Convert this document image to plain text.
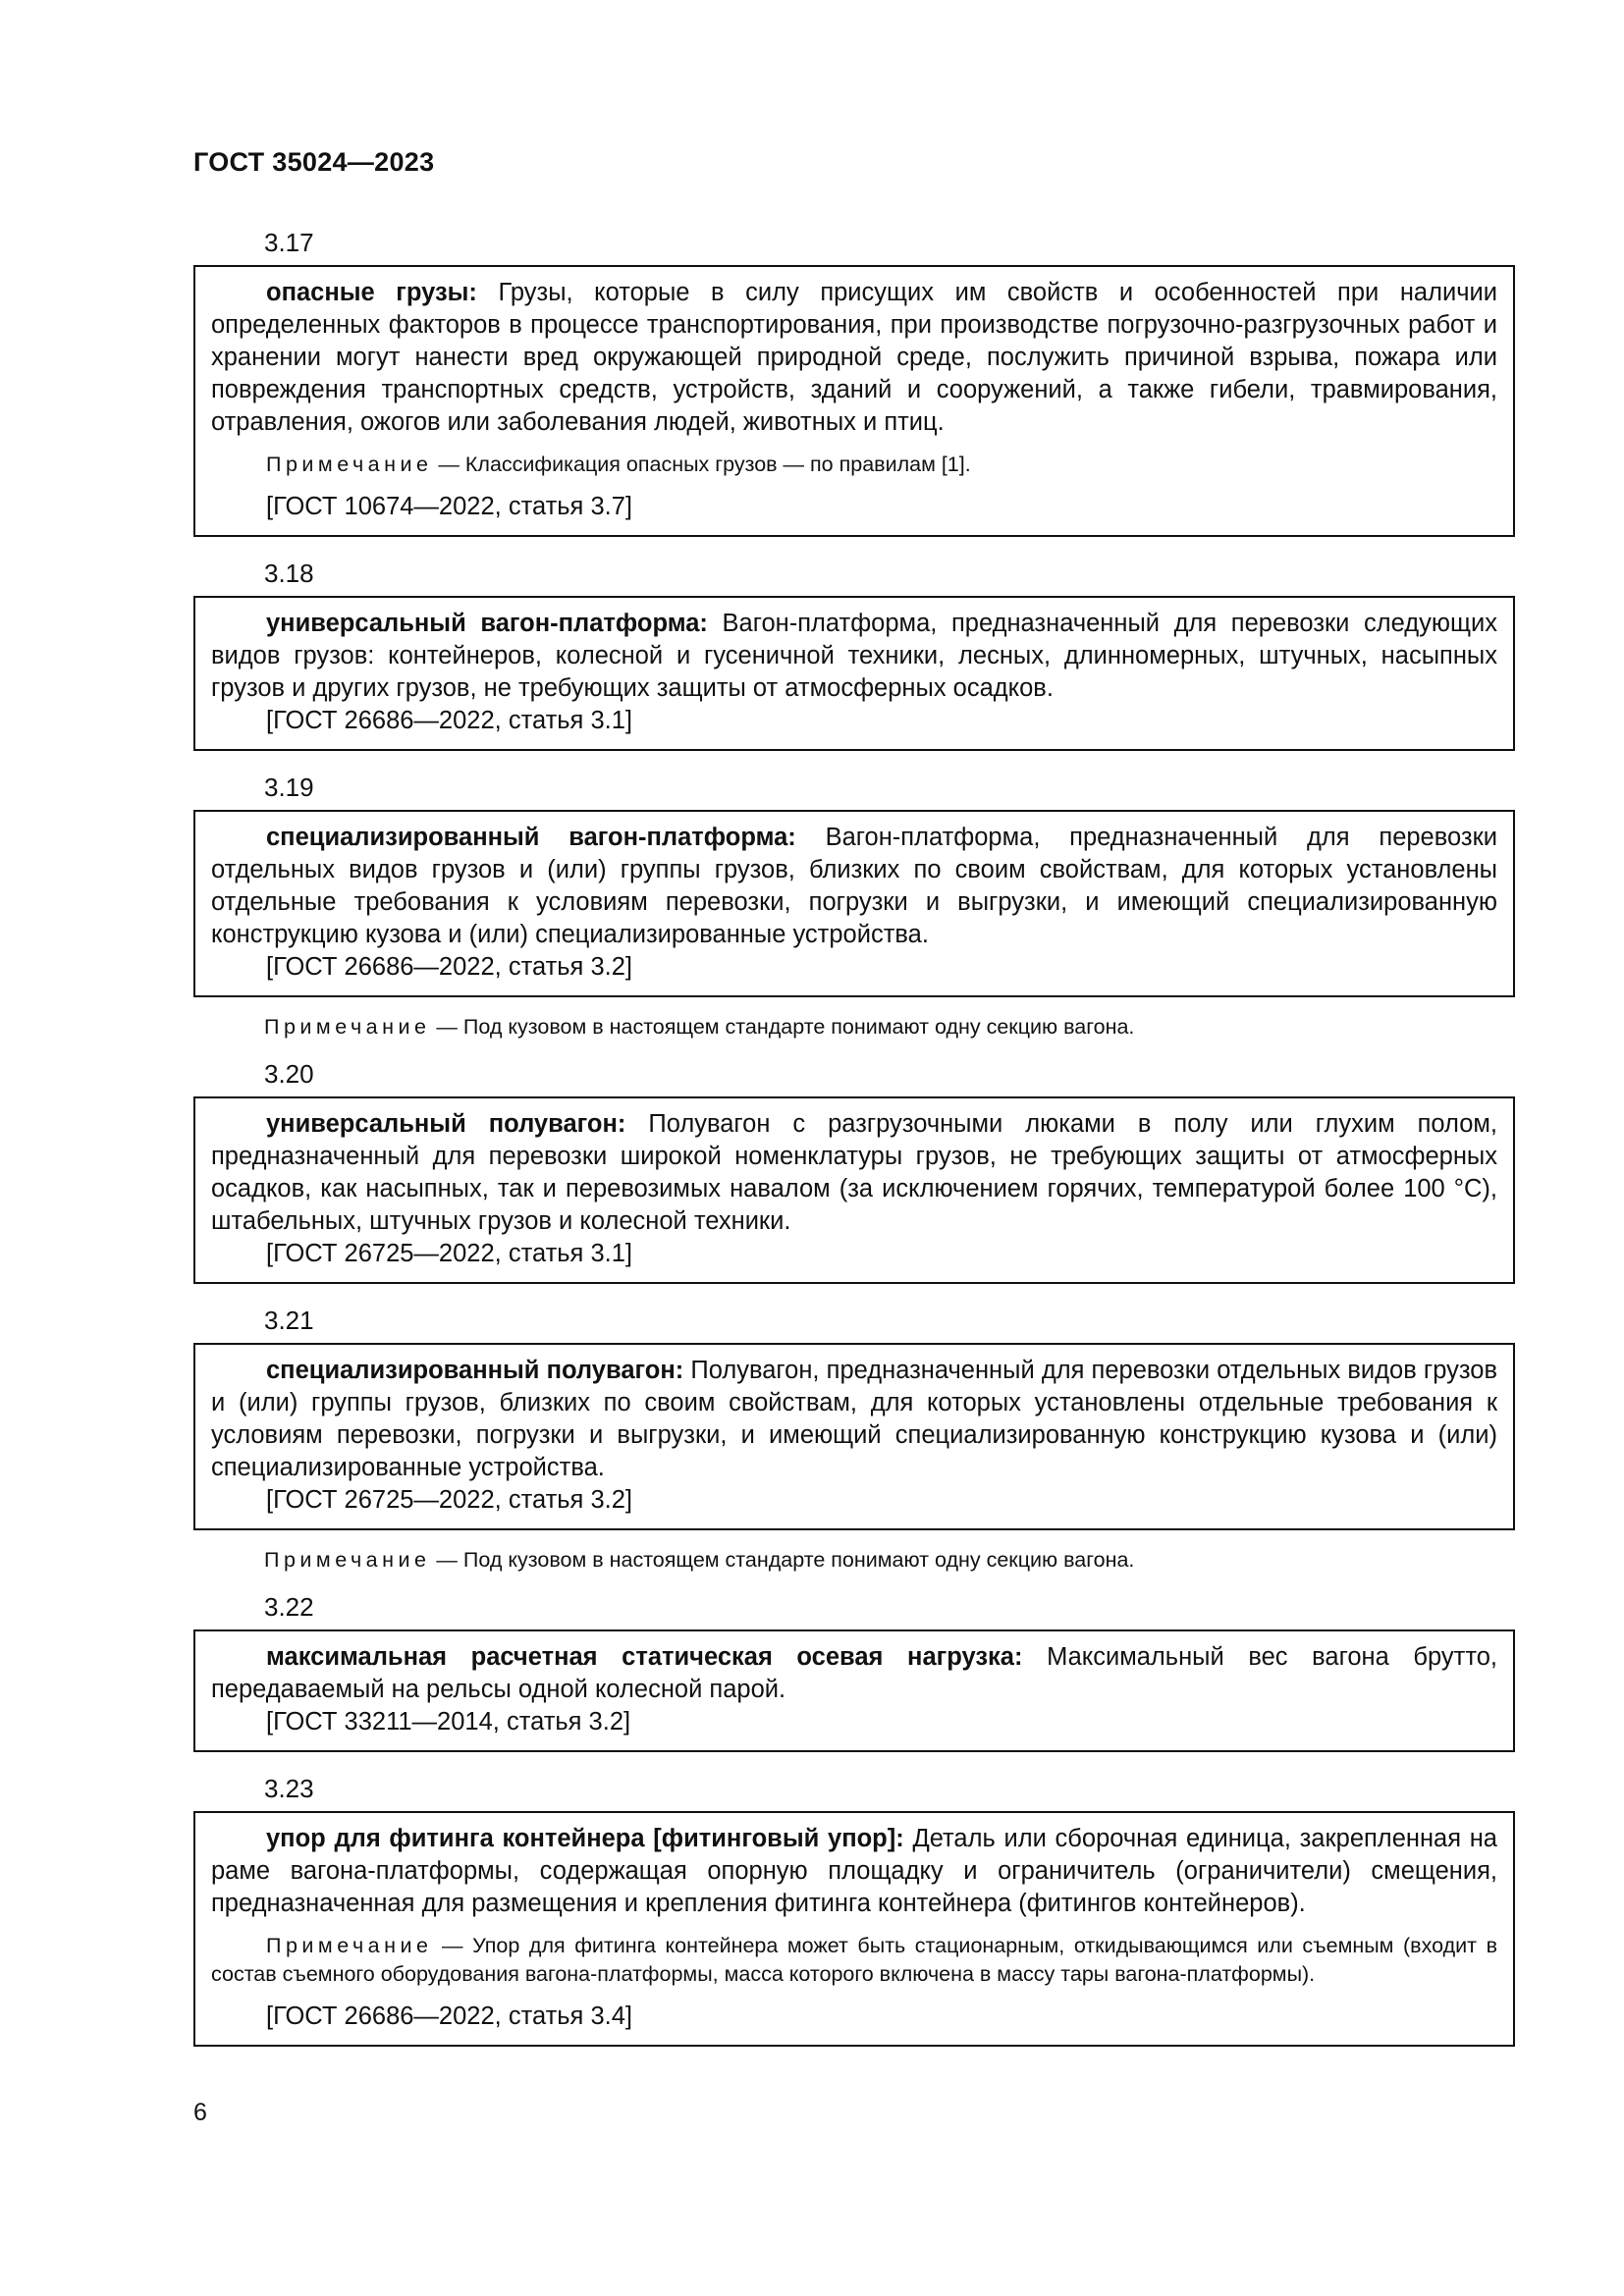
ГОСТ 35024—2023
3.17

опасные грузы: Грузы, которые в силу присущих им свойств и особенностей при наличии определенных факторов в процессе транспортирования, при производстве погрузочно-разгрузочных работ и хранении могут нанести вред окружающей природной среде, послужить причиной взрыва, пожара или повреждения транспортных средств, устройств, зданий и сооружений, а также гибели, травмирования, отравления, ожогов или заболевания людей, животных и птиц.

Примечание — Классификация опасных грузов — по правилам [1].

[ГОСТ 10674—2022, статья 3.7]

3.18

универсальный вагон-платформа: Вагон-платформа, предназначенный для перевозки следующих видов грузов: контейнеров, колесной и гусеничной техники, лесных, длинномерных, штучных, насыпных грузов и других грузов, не требующих защиты от атмосферных осадков.

[ГОСТ 26686—2022, статья 3.1]

3.19

специализированный вагон-платформа: Вагон-платформа, предназначенный для перевозки отдельных видов грузов и (или) группы грузов, близких по своим свойствам, для которых установлены отдельные требования к условиям перевозки, погрузки и выгрузки, и имеющий специализированную конструкцию кузова и (или) специализированные устройства.

[ГОСТ 26686—2022, статья 3.2]

Примечание — Под кузовом в настоящем стандарте понимают одну секцию вагона.
3.20

универсальный полувагон: Полувагон с разгрузочными люками в полу или глухим полом, предназначенный для перевозки широкой номенклатуры грузов, не требующих защиты от атмосферных осадков, как насыпных, так и перевозимых навалом (за исключением горячих, температурой более 100 °С), штабельных, штучных грузов и колесной техники.

[ГОСТ 26725—2022, статья 3.1]

3.21

специализированный полувагон: Полувагон, предназначенный для перевозки отдельных видов грузов и (или) группы грузов, близких по своим свойствам, для которых установлены отдельные требования к условиям перевозки, погрузки и выгрузки, и имеющий специализированную конструкцию кузова и (или) специализированные устройства.

[ГОСТ 26725—2022, статья 3.2]

Примечание — Под кузовом в настоящем стандарте понимают одну секцию вагона.
3.22

максимальная расчетная статическая осевая нагрузка: Максимальный вес вагона брутто, передаваемый на рельсы одной колесной парой.

[ГОСТ 33211—2014, статья 3.2]

3.23

упор для фитинга контейнера [фитинговый упор]: Деталь или сборочная единица, закрепленная на раме вагона-платформы, содержащая опорную площадку и ограничитель (ограничители) смещения, предназначенная для размещения и крепления фитинга контейнера (фитингов контейнеров).

Примечание — Упор для фитинга контейнера может быть стационарным, откидывающимся или съемным (входит в состав съемного оборудования вагона-платформы, масса которого включена в массу тары вагона-платформы).

[ГОСТ 26686—2022, статья 3.4]

6
